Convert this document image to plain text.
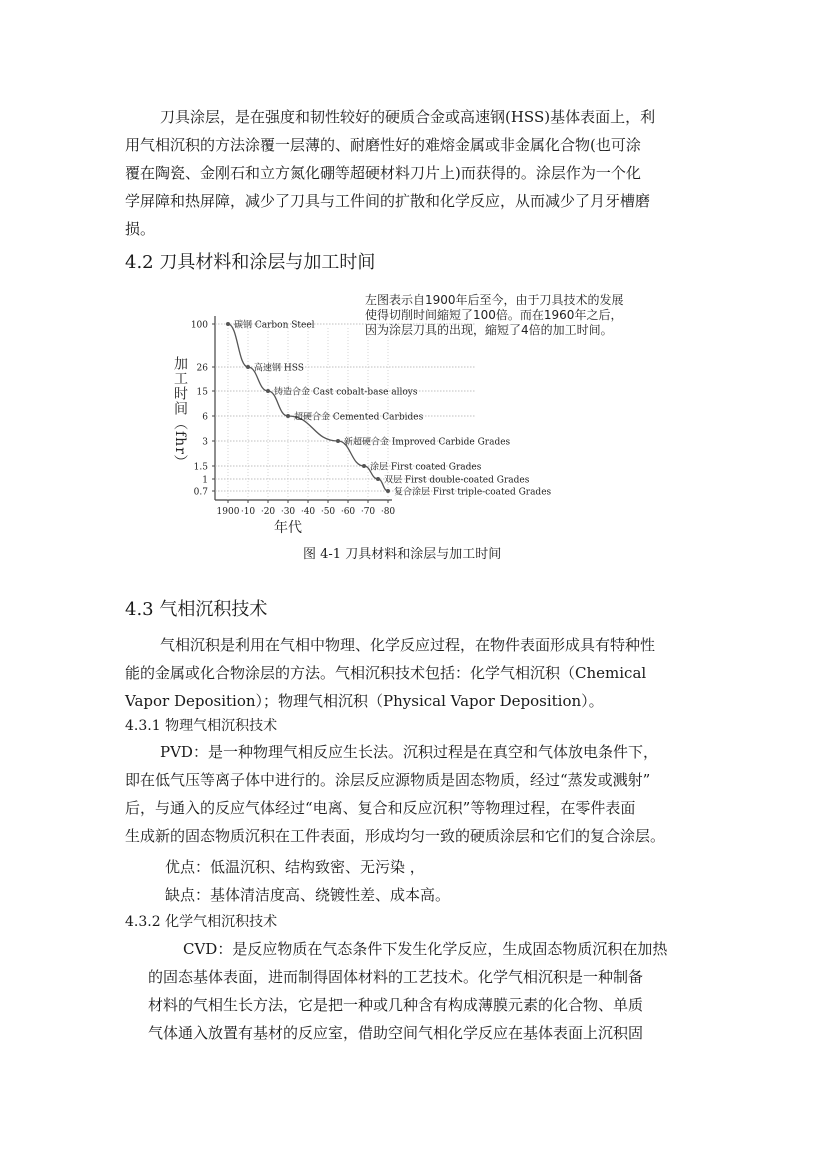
刀具涂层，是在强度和韧性较好的硬质合金或高速钢(HSS)基体表面上，利
用气相沉积的方法涂覆一层薄的、耐磨性好的难熔金属或非金属化合物(也可涂
覆在陶瓷、金刚石和立方氮化硼等超硬材料刀片上)而获得的。涂层作为一个化
学屏障和热屏障，减少了刀具与工件间的扩散和化学反应，从而减少了月牙槽磨
损。
4.2 刀具材料和涂层与加工时间
左图表示自1900年后至今，由于刀具技术的发展
使得切削时间縮短了100倍。而在1960年之后，
因为涂层刀具的出现，縮短了4倍的加工时间。
100
26
15
6
3
1.5
1
0.7
1900 ·10 ·20 ·30 ·40 ·50 ·60 ·70 ·80
碳钢 Carbon Steel
高速钢 HSS
铸造合金 Cast cobalt-base alloys
超硬合金 Cemented Carbides
新超硬合金 Improved Carbide Grades
涂层 First coated Grades
双层 First double-coated Grades
复合涂层 First triple-coated Grades
加工时间（fhr）
年代
图 4-1 刀具材料和涂层与加工时间
4.3 气相沉积技术
气相沉积是利用在气相中物理、化学反应过程，在物件表面形成具有特种性
能的金属或化合物涂层的方法。气相沉积技术包括：化学气相沉积（Chemical
Vapor Deposition）；物理气相沉积（Physical Vapor Deposition）。
4.3.1 物理气相沉积技术
PVD：是一种物理气相反应生长法。沉积过程是在真空和气体放电条件下，
即在低气压等离子体中进行的。涂层反应源物质是固态物质，经过“蒸发或溅射”
后，与通入的反应气体经过“电离、复合和反应沉积”等物理过程，在零件表面
生成新的固态物质沉积在工件表面，形成均匀一致的硬质涂层和它们的复合涂层。
优点：低温沉积、结构致密、无污染 ，
缺点：基体清洁度高、绕镀性差、成本高。
4.3.2 化学气相沉积技术
CVD：是反应物质在气态条件下发生化学反应，生成固态物质沉积在加热
的固态基体表面，进而制得固体材料的工艺技术。化学气相沉积是一种制备
材料的气相生长方法，它是把一种或几种含有构成薄膜元素的化合物、单质
气体通入放置有基材的反应室，借助空间气相化学反应在基体表面上沉积固
